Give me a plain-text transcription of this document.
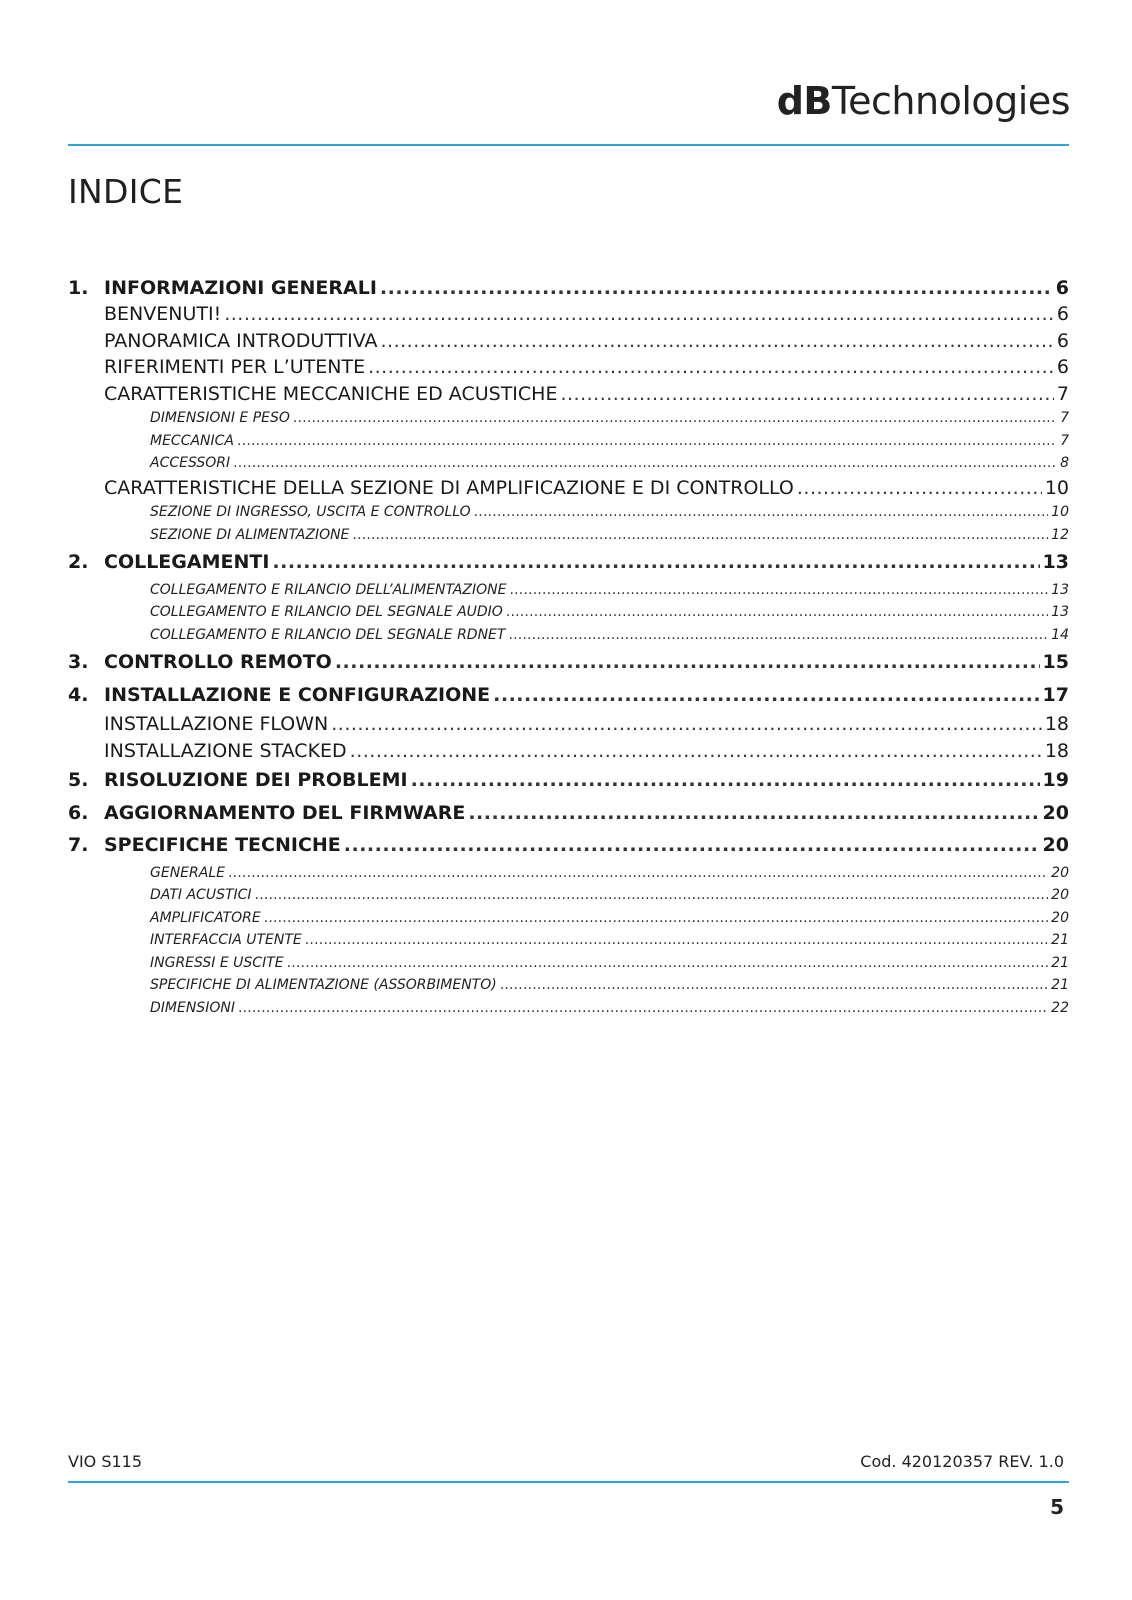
dBTechnologies
INDICE
1. INFORMAZIONI GENERALI .....	6
BENVENUTI! .....	6
PANORAMICA INTRODUTTIVA .....	6
RIFERIMENTI PER L’UTENTE .....	6
CARATTERISTICHE MECCANICHE ED ACUSTICHE .....	7
DIMENSIONI E PESO .....	7
MECCANICA .....	7
ACCESSORI .....	8
CARATTERISTICHE DELLA SEZIONE DI AMPLIFICAZIONE E DI CONTROLLO .....	10
SEZIONE DI INGRESSO, USCITA E CONTROLLO .....	10
SEZIONE DI ALIMENTAZIONE .....	12
2. COLLEGAMENTI .....	13
COLLEGAMENTO E RILANCIO DELL’ALIMENTAZIONE .....	13
COLLEGAMENTO E RILANCIO DEL SEGNALE AUDIO .....	13
COLLEGAMENTO E RILANCIO DEL SEGNALE RDNET .....	14
3. CONTROLLO REMOTO .....	15
4. INSTALLAZIONE E CONFIGURAZIONE .....	17
INSTALLAZIONE FLOWN .....	18
INSTALLAZIONE STACKED .....	18
5. RISOLUZIONE DEI PROBLEMI .....	19
6. AGGIORNAMENTO DEL FIRMWARE .....	20
7. SPECIFICHE TECNICHE .....	20
GENERALE .....	20
DATI ACUSTICI .....	20
AMPLIFICATORE .....	20
INTERFACCIA UTENTE .....	21
INGRESSI E USCITE .....	21
SPECIFICHE DI ALIMENTAZIONE (ASSORBIMENTO) .....	21
DIMENSIONI .....	22
VIO S115	Cod. 420120357 REV. 1.0
5
